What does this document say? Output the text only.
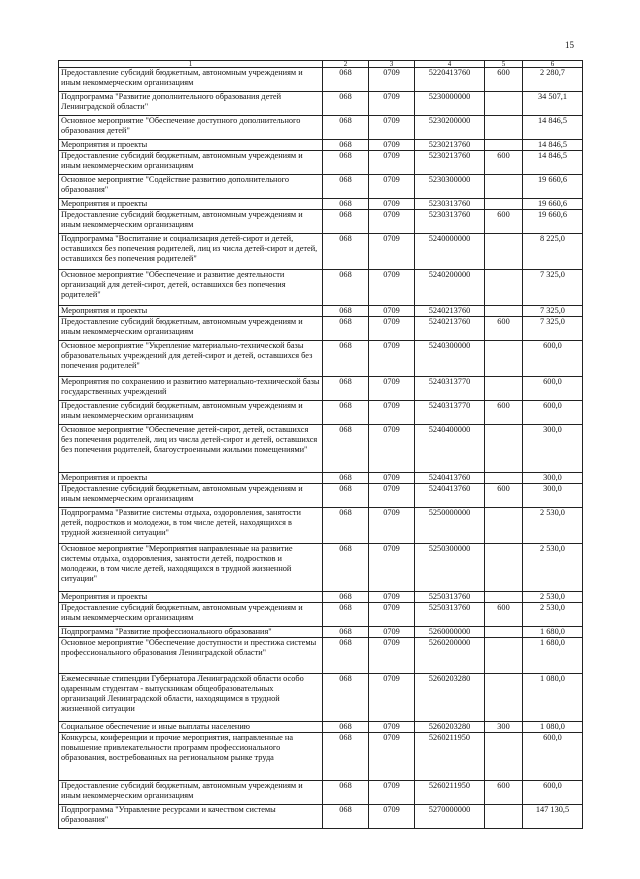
15
1	2	3	4	5	6
Предоставление субсидий бюджетным, автономным учреждениям и иным некоммерческим организациям	068	0709	5220413760	600	2 280,7
Подпрограмма "Развитие дополнительного образования детей Ленинградской области"	068	0709	5230000000		34 507,1
Основное мероприятие "Обеспечение доступного дополнительного образования детей"	068	0709	5230200000		14 846,5
Мероприятия и проекты	068	0709	5230213760		14 846,5
Предоставление субсидий бюджетным, автономным учреждениям и иным некоммерческим организациям	068	0709	5230213760	600	14 846,5
Основное мероприятие "Содействие развитию дополнительного образования"	068	0709	5230300000		19 660,6
Мероприятия и проекты	068	0709	5230313760		19 660,6
Предоставление субсидий бюджетным, автономным учреждениям и иным некоммерческим организациям	068	0709	5230313760	600	19 660,6
Подпрограмма "Воспитание и социализация детей-сирот и детей, оставшихся без попечения родителей, лиц из числа детей-сирот и детей, оставшихся без попечения родителей"	068	0709	5240000000		8 225,0
Основное мероприятие "Обеспечение и развитие деятельности организаций для детей-сирот, детей, оставшихся без попечения родителей"	068	0709	5240200000		7 325,0
Мероприятия и проекты	068	0709	5240213760		7 325,0
Предоставление субсидий бюджетным, автономным учреждениям и иным некоммерческим организациям	068	0709	5240213760	600	7 325,0
Основное мероприятие "Укрепление материально-технической базы образовательных учреждений для детей-сирот и детей, оставшихся без попечения родителей"	068	0709	5240300000		600,0
Мероприятия по сохранению и развитию материально-технической базы государственных учреждений	068	0709	5240313770		600,0
Предоставление субсидий бюджетным, автономным учреждениям и иным некоммерческим организациям	068	0709	5240313770	600	600,0
Основное мероприятие "Обеспечение детей-сирот, детей, оставшихся без попечения родителей, лиц из числа детей-сирот и детей, оставшихся без попечения родителей, благоустроенными жилыми помещениями"	068	0709	5240400000		300,0
Мероприятия и проекты	068	0709	5240413760		300,0
Предоставление субсидий бюджетным, автономным учреждениям и иным некоммерческим организациям	068	0709	5240413760	600	300,0
Подпрограмма "Развитие системы отдыха, оздоровления, занятости детей, подростков и молодежи, в том числе детей, находящихся в трудной жизненной ситуации"	068	0709	5250000000		2 530,0
Основное мероприятие "Мероприятия направленные на развитие системы отдыха, оздоровления, занятости детей, подростков и молодежи, в том числе детей, находящихся в трудной жизненной ситуации"	068	0709	5250300000		2 530,0
Мероприятия и проекты	068	0709	5250313760		2 530,0
Предоставление субсидий бюджетным, автономным учреждениям и иным некоммерческим организациям	068	0709	5250313760	600	2 530,0
Подпрограмма "Развитие профессионального образования"	068	0709	5260000000		1 680,0
Основное мероприятие "Обеспечение доступности и престижа системы профессионального образования Ленинградской области"	068	0709	5260200000		1 680,0
Ежемесячные стипендии Губернатора Ленинградской области особо одаренным студентам - выпускникам общеобразовательных организаций Ленинградской области, находящимся в трудной жизненной ситуации	068	0709	5260203280		1 080,0
Социальное обеспечение и иные выплаты населению	068	0709	5260203280	300	1 080,0
Конкурсы, конференции и прочие мероприятия, направленные на повышение привлекательности программ профессионального образования, востребованных на региональном рынке труда	068	0709	5260211950		600,0
Предоставление субсидий бюджетным, автономным учреждениям и иным некоммерческим организациям	068	0709	5260211950	600	600,0
Подпрограмма "Управление ресурсами и качеством системы образования"	068	0709	5270000000		147 130,5
